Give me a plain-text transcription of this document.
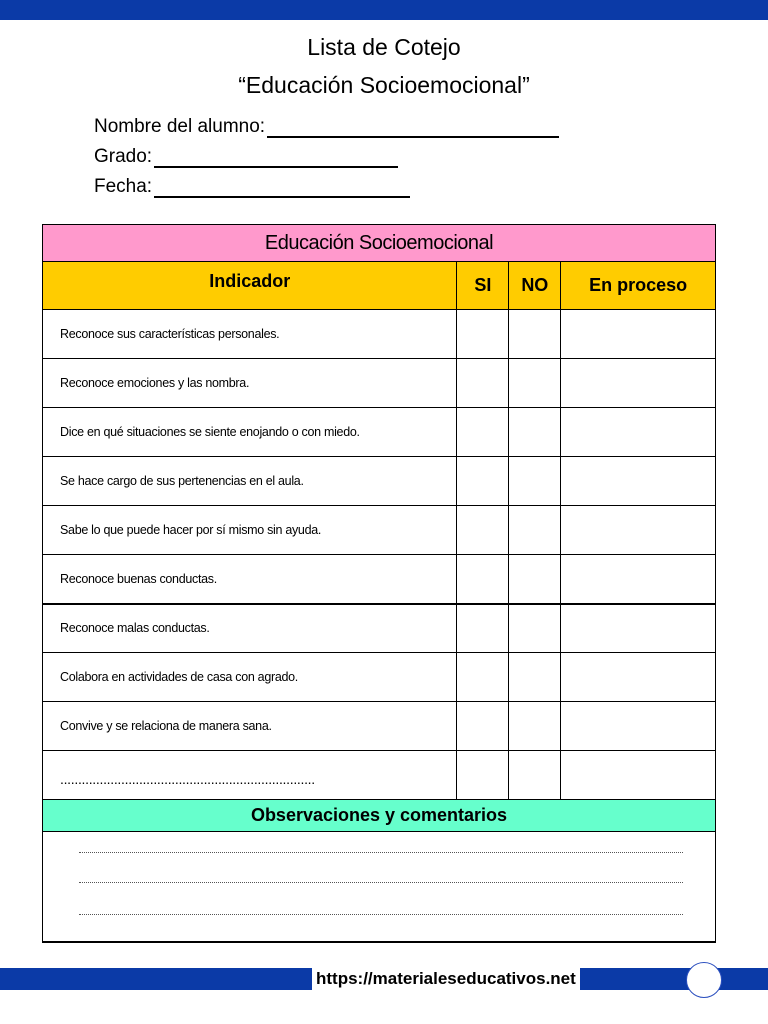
Lista de Cotejo
“Educación Socioemocional”
Nombre del alumno:
Grado:
Fecha:
Educación Socioemocional			
Indicador	SI	NO	En proceso
Reconoce sus características personales.			
Reconoce emociones y las nombra.			
Dice en qué situaciones se siente enojando o con miedo.			
Se hace cargo de sus pertenencias en el aula.			
Sabe lo que puede hacer por sí mismo sin ayuda.			
Reconoce buenas conductas.			
Reconoce malas conductas.			
Colabora en actividades de casa con agrado.			
Convive y se relaciona de manera sana.			
.......................................................................			
Observaciones y comentarios			

https://materialeseducativos.net
